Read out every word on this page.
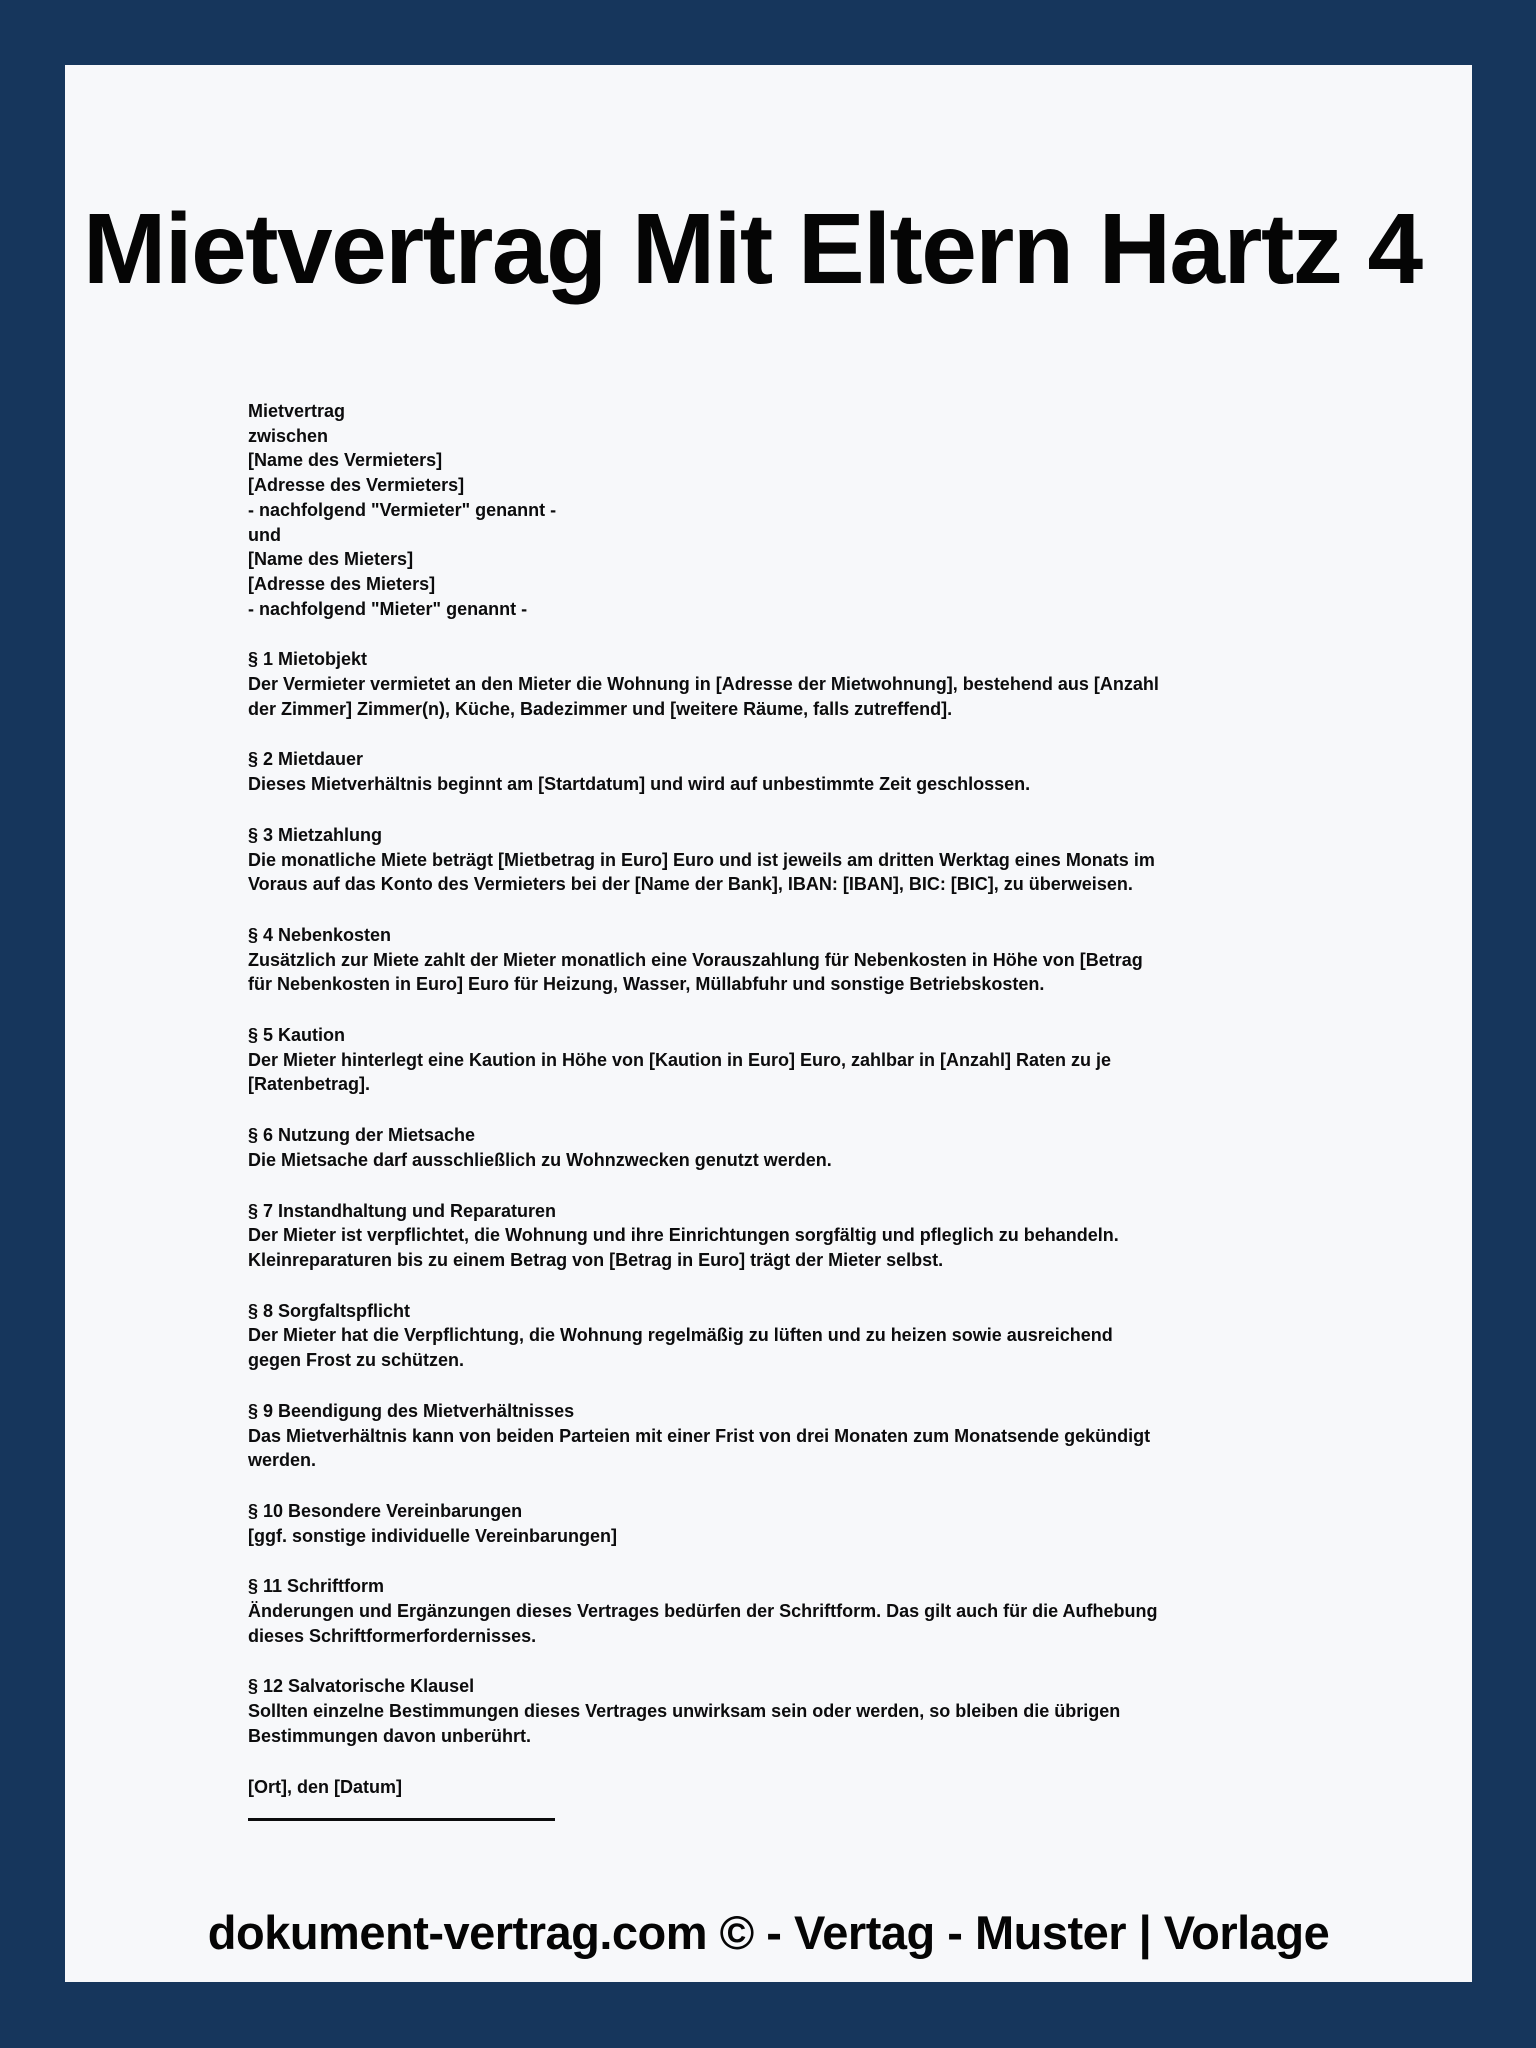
Mietvertrag Mit Eltern Hartz 4
Mietvertrag
zwischen
[Name des Vermieters]
[Adresse des Vermieters]
- nachfolgend "Vermieter" genannt -
und
[Name des Mieters]
[Adresse des Mieters]
- nachfolgend "Mieter" genannt -
§ 1 Mietobjekt
Der Vermieter vermietet an den Mieter die Wohnung in [Adresse der Mietwohnung], bestehend aus [Anzahl
der Zimmer] Zimmer(n), Küche, Badezimmer und [weitere Räume, falls zutreffend].
§ 2 Mietdauer
Dieses Mietverhältnis beginnt am [Startdatum] und wird auf unbestimmte Zeit geschlossen.
§ 3 Mietzahlung
Die monatliche Miete beträgt [Mietbetrag in Euro] Euro und ist jeweils am dritten Werktag eines Monats im
Voraus auf das Konto des Vermieters bei der [Name der Bank], IBAN: [IBAN], BIC: [BIC], zu überweisen.
§ 4 Nebenkosten
Zusätzlich zur Miete zahlt der Mieter monatlich eine Vorauszahlung für Nebenkosten in Höhe von [Betrag
für Nebenkosten in Euro] Euro für Heizung, Wasser, Müllabfuhr und sonstige Betriebskosten.
§ 5 Kaution
Der Mieter hinterlegt eine Kaution in Höhe von [Kaution in Euro] Euro, zahlbar in [Anzahl] Raten zu je
[Ratenbetrag].
§ 6 Nutzung der Mietsache
Die Mietsache darf ausschließlich zu Wohnzwecken genutzt werden.
§ 7 Instandhaltung und Reparaturen
Der Mieter ist verpflichtet, die Wohnung und ihre Einrichtungen sorgfältig und pfleglich zu behandeln.
Kleinreparaturen bis zu einem Betrag von [Betrag in Euro] trägt der Mieter selbst.
§ 8 Sorgfaltspflicht
Der Mieter hat die Verpflichtung, die Wohnung regelmäßig zu lüften und zu heizen sowie ausreichend
gegen Frost zu schützen.
§ 9 Beendigung des Mietverhältnisses
Das Mietverhältnis kann von beiden Parteien mit einer Frist von drei Monaten zum Monatsende gekündigt
werden.
§ 10 Besondere Vereinbarungen
[ggf. sonstige individuelle Vereinbarungen]
§ 11 Schriftform
Änderungen und Ergänzungen dieses Vertrages bedürfen der Schriftform. Das gilt auch für die Aufhebung
dieses Schriftformerfordernisses.
§ 12 Salvatorische Klausel
Sollten einzelne Bestimmungen dieses Vertrages unwirksam sein oder werden, so bleiben die übrigen
Bestimmungen davon unberührt.
[Ort], den [Datum]
dokument-vertrag.com © - Vertag - Muster | Vorlage
